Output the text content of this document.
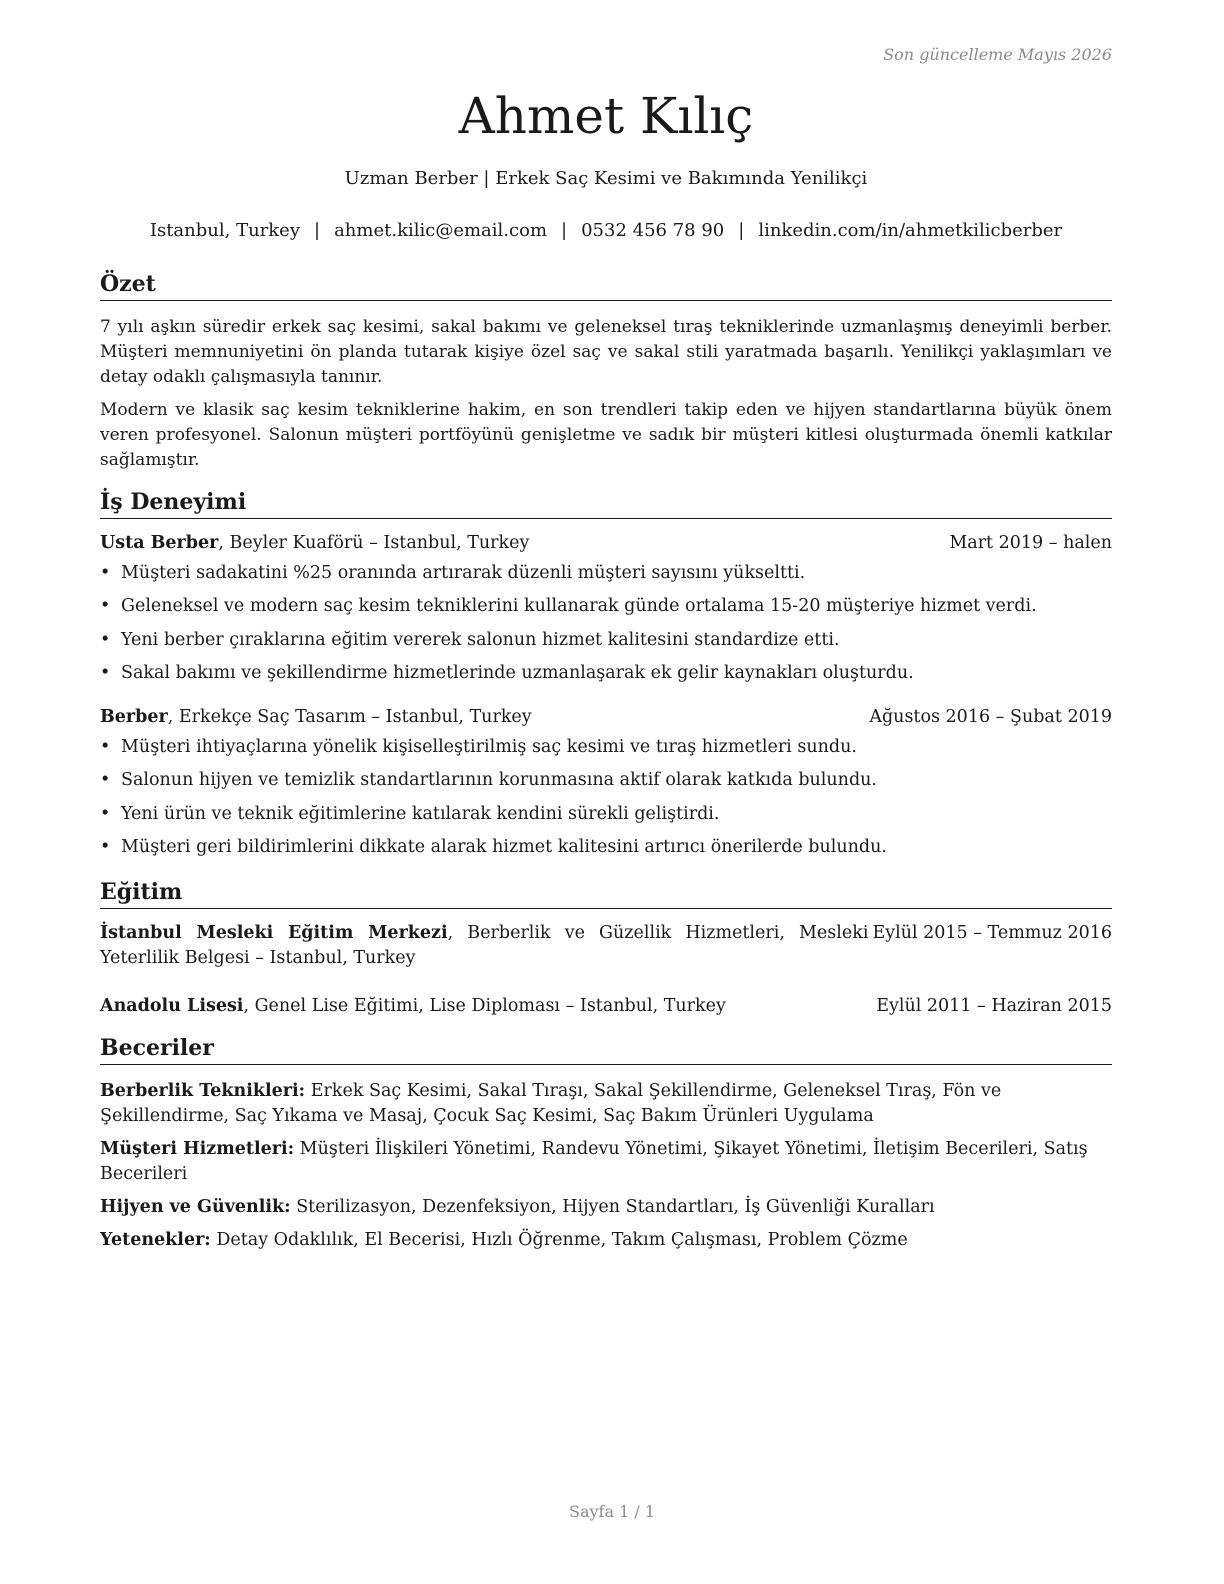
Son güncelleme Mayıs 2026
Ahmet Kılıç
Uzman Berber | Erkek Saç Kesimi ve Bakımında Yenilikçi
Istanbul, Turkey | ahmet.kilic@email.com | 0532 456 78 90 | linkedin.com/in/ahmetkilicberber
Özet

7 yılı aşkın süredir erkek saç kesimi, sakal bakımı ve geleneksel tıraş tekniklerinde uzmanlaşmış deneyimli berber. Müşteri memnuniyetini ön planda tutarak kişiye özel saç ve sakal stili yaratmada başarılı. Yenilikçi yaklaşımları ve detay odaklı çalışmasıyla tanınır.

Modern ve klasik saç kesim tekniklerine hakim, en son trendleri takip eden ve hijyen standartlarına büyük önem veren profesyonel. Salonun müşteri portföyünü genişletme ve sadık bir müşteri kitlesi oluşturmada önemli katkılar sağlamıştır.

İş Deneyimi
Usta Berber, Beyler Kuaförü – Istanbul, Turkey	Mart 2019 – halen
• Müşteri sadakatini %25 oranında artırarak düzenli müşteri sayısını yükseltti.
• Geleneksel ve modern saç kesim tekniklerini kullanarak günde ortalama 15-20 müşteriye hizmet verdi.
• Yeni berber çıraklarına eğitim vererek salonun hizmet kalitesini standardize etti.
• Sakal bakımı ve şekillendirme hizmetlerinde uzmanlaşarak ek gelir kaynakları oluşturdu.
Berber, Erkekçe Saç Tasarım – Istanbul, Turkey	Ağustos 2016 – Şubat 2019
• Müşteri ihtiyaçlarına yönelik kişiselleştirilmiş saç kesimi ve tıraş hizmetleri sundu.
• Salonun hijyen ve temizlik standartlarının korunmasına aktif olarak katkıda bulundu.
• Yeni ürün ve teknik eğitimlerine katılarak kendini sürekli geliştirdi.
• Müşteri geri bildirimlerini dikkate alarak hizmet kalitesini artırıcı önerilerde bulundu.
Eğitim
İstanbul Mesleki Eğitim Merkezi, Berberlik ve Güzellik Hizmetleri, Mesleki Yeterlilik Belgesi – Istanbul, Turkey
Eylül 2015 – Temmuz 2016
Anadolu Lisesi, Genel Lise Eğitimi, Lise Diploması – Istanbul, Turkey	Eylül 2011 – Haziran 2015
Beceriler

Berberlik Teknikleri: Erkek Saç Kesimi, Sakal Tıraşı, Sakal Şekillendirme, Geleneksel Tıraş, Fön ve Şekillendirme, Saç Yıkama ve Masaj, Çocuk Saç Kesimi, Saç Bakım Ürünleri Uygulama

Müşteri Hizmetleri: Müşteri İlişkileri Yönetimi, Randevu Yönetimi, Şikayet Yönetimi, İletişim Becerileri, Satış Becerileri

Hijyen ve Güvenlik: Sterilizasyon, Dezenfeksiyon, Hijyen Standartları, İş Güvenliği Kuralları

Yetenekler: Detay Odaklılık, El Becerisi, Hızlı Öğrenme, Takım Çalışması, Problem Çözme

Sayfa 1 / 1
